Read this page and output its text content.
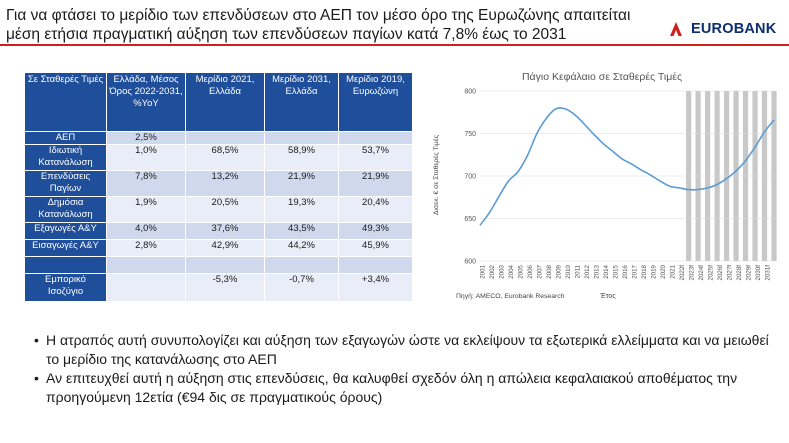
Για να φτάσει το μερίδιο των επενδύσεων στο ΑΕΠ τον μέσο όρο της Ευρωζώνης απαιτείται μέση ετήσια πραγματική αύξηση των επενδύσεων παγίων κατά 7,8% έως το 2031	EUROBANK
Σε Σταθερές Τιμές	Ελλάδα, Μέσος Όρος 2022-2031, %YoY	Μερίδιο 2021, Ελλάδα	Μερίδιο 2031, Ελλάδα	Μερίδιο 2019, Ευρωζώνη
ΑΕΠ	2,5%			
Ιδιωτική Κατανάλωση	1,0%	68,5%	58,9%	53,7%
Επενδύσεις Παγίων	7,8%	13,2%	21,9%	21,9%
Δημόσια Κατανάλωση	1,9%	20,5%	19,3%	20,4%
Εξαγωγές Α&Υ	4,0%	37,6%	43,5%	49,3%
Εισαγωγές Α&Υ	2,8%	42,9%	44,2%	45,9%

Εμπορικό Ισοζύγιο		-5,3%	-0,7%	+3,4%
Πάγιο Κεφάλαιο σε Σταθερές Τιμές
600
650
700
750
800
2001 2002 2003 2004 2005 2006 2007 2008 2009 2010 2011 2012 2013 2014 2015 2016 2017 2018 2019 2020 2021 2022f 2023f 2024f 2025f 2026f 2027f 2028f 2029f 2030f 2031f
Δισεκ. € σε Σταθερές Τιμές
Έτος
Πηγή: AMECO, Eurobank Research
• Η ατραπός αυτή συνυπολογίζει και αύξηση των εξαγωγών ώστε να εκλείψουν τα εξωτερικά ελλείμματα και να μειωθεί το μερίδιο της κατανάλωσης στο ΑΕΠ
• Αν επιτευχθεί αυτή η αύξηση στις επενδύσεις, θα καλυφθεί σχεδόν όλη η απώλεια κεφαλαιακού αποθέματος την προηγούμενη 12ετία (€94 δις σε πραγματικούς όρους)
